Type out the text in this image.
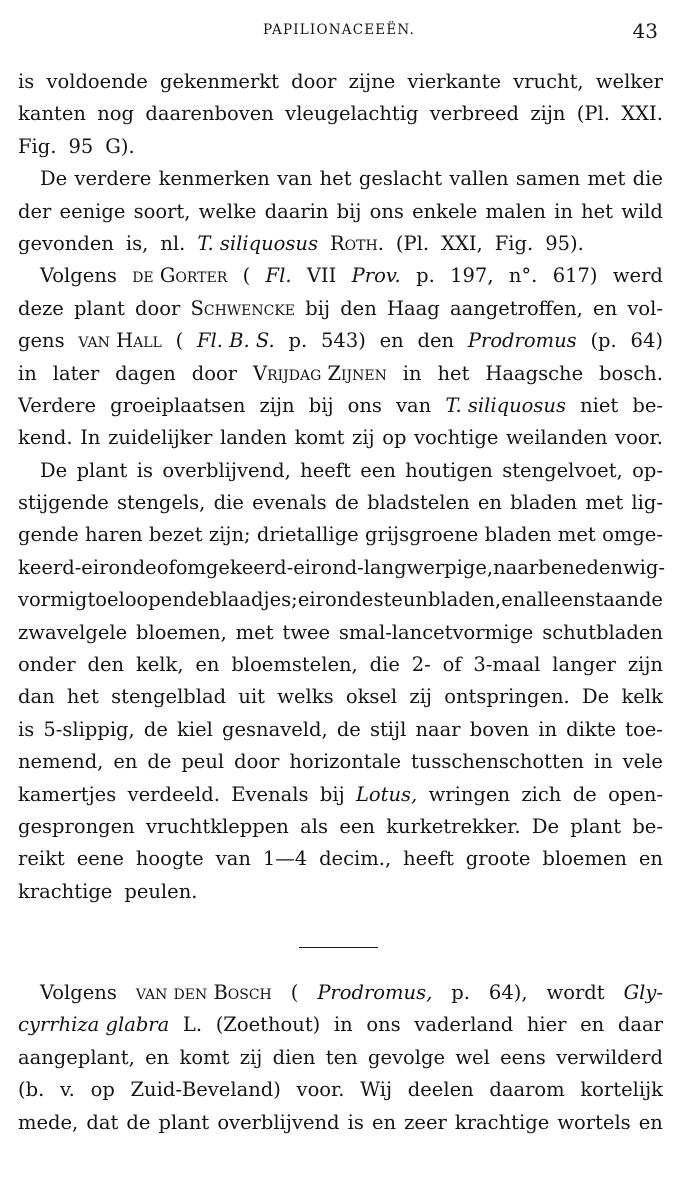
PAPILIONACEEËN.	43
is voldoende gekenmerkt door zijne vierkante vrucht, welker
kanten nog daarenboven vleugelachtig verbreed zijn (Pl. XXI.
Fig. 95 G).
De verdere kenmerken van het geslacht vallen samen met die
der eenige soort, welke daarin bij ons enkele malen in het wild
gevonden is, nl. T. siliquosus Roth. (Pl. XXI, Fig. 95).
Volgens de Gorter ( Fl. VII Prov. p. 197, n°. 617) werd
deze plant door Schwencke bij den Haag aangetroffen, en vol-
gens van Hall ( Fl. B. S. p. 543) en den Prodromus (p. 64)
in later dagen door Vrijdag Zijnen in het Haagsche bosch.
Verdere groeiplaatsen zijn bij ons van T. siliquosus niet be-
kend. In zuidelijker landen komt zij op vochtige weilanden voor.
De plant is overblijvend, heeft een houtigen stengelvoet, op-
stijgende stengels, die evenals de bladstelen en bladen met lig-
gende haren bezet zijn; drietallige grijsgroene bladen met omge-
keerd-eironde of omgekeerd-eirond-langwerpige, naar beneden wig-
vormig toeloopende blaadjes; eironde steunbladen, en alleenstaande
zwavelgele bloemen, met twee smal-lancetvormige schutbladen
onder den kelk, en bloemstelen, die 2- of 3-maal langer zijn
dan het stengelblad uit welks oksel zij ontspringen. De kelk
is 5-slippig, de kiel gesnaveld, de stijl naar boven in dikte toe-
nemend, en de peul door horizontale tusschenschotten in vele
kamertjes verdeeld. Evenals bij Lotus, wringen zich de open-
gesprongen vruchtkleppen als een kurketrekker. De plant be-
reikt eene hoogte van 1—4 decim., heeft groote bloemen en
krachtige peulen.
Volgens van den Bosch ( Prodromus, p. 64), wordt Gly-
cyrrhiza glabra L. (Zoethout) in ons vaderland hier en daar
aangeplant, en komt zij dien ten gevolge wel eens verwilderd
(b. v. op Zuid-Beveland) voor. Wij deelen daarom kortelijk
mede, dat de plant overblijvend is en zeer krachtige wortels en
